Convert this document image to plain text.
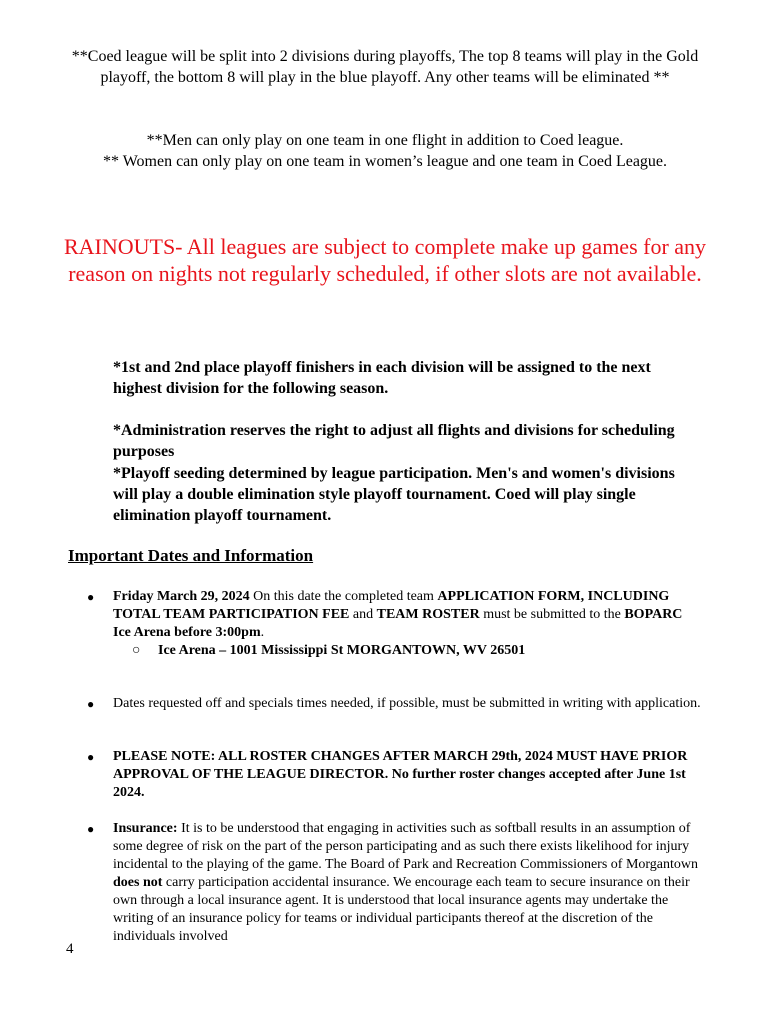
**Coed league will be split into 2 divisions during playoffs, The top 8 teams will play in the Gold playoff, the bottom 8 will play in the blue playoff. Any other teams will be eliminated **
**Men can only play on one team in one flight in addition to Coed league.
** Women can only play on one team in women’s league and one team in Coed League.
RAINOUTS- All leagues are subject to complete make up games for any reason on nights not regularly scheduled, if other slots are not available.
*1st and 2nd place playoff finishers in each division will be assigned to the next highest division for the following season.
*Administration reserves the right to adjust all flights and divisions for scheduling purposes
*Playoff seeding determined by league participation. Men's and women's divisions will play a double elimination style playoff tournament. Coed will play single elimination playoff tournament.
Important Dates and Information
● Friday March 29, 2024 On this date the completed team APPLICATION FORM, INCLUDING TOTAL TEAM PARTICIPATION FEE and TEAM ROSTER must be submitted to the BOPARC Ice Arena before 3:00pm.
○ Ice Arena – 1001 Mississippi St MORGANTOWN, WV 26501
● Dates requested off and specials times needed, if possible, must be submitted in writing with application.
● PLEASE NOTE: ALL ROSTER CHANGES AFTER MARCH 29th, 2024 MUST HAVE PRIOR APPROVAL OF THE LEAGUE DIRECTOR. No further roster changes accepted after June 1st 2024.
● Insurance: It is to be understood that engaging in activities such as softball results in an assumption of some degree of risk on the part of the person participating and as such there exists likelihood for injury incidental to the playing of the game. The Board of Park and Recreation Commissioners of Morgantown does not carry participation accidental insurance. We encourage each team to secure insurance on their own through a local insurance agent. It is understood that local insurance agents may undertake the writing of an insurance policy for teams or individual participants thereof at the discretion of the individuals involved
4
